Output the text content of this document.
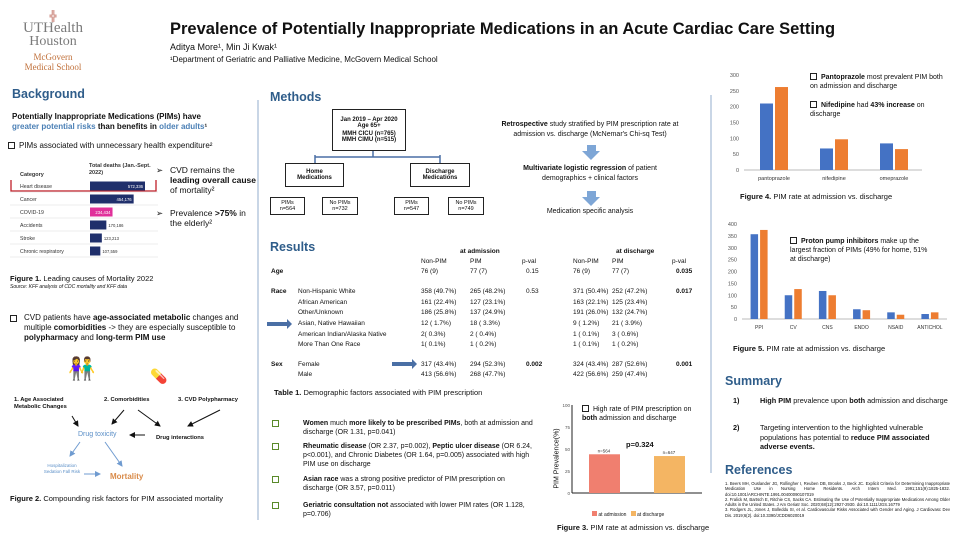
╬
UTHealth
Houston
McGovern
Medical School
Prevalence of Potentially Inappropriate Medications in an Acute Cardiac Care Setting
Aditya More¹, Min Ji Kwak¹
¹Department of Geriatric and Palliative Medicine, McGovern Medical School
Background
Potentially Inappropriate Medications (PIMs) have
greater potential risks than benefits in older adults¹
PIMs associated with unnecessary health expenditure²
Category
Total deaths (Jan.-Sept. 2022)
Heart disease	572,336
Cancer	454,176
COVID-19	234,434
Accidents	170,186
Stroke	123,213
Chronic respiratory	107,559
➢ CVD remains the leading overall cause of mortality²
➢ Prevalence >75% in the elderly²
Figure 1. Leading causes of Mortality 2022
Source: KFF analysis of CDC mortality and KFF data
CVD patients have age-associated metabolic changes and multiple comorbidities -> they are especially susceptible to polypharmacy and long-term PIM use
👫	💊
1. Age Associated Metabolic Changes
2. Comorbidities	3. CVD Polypharmacy
Drug toxicity	Drug interactions
Hospitalization Sedation Fall Risk
Mortality
Figure 2. Compounding risk factors for PIM associated mortality
Methods
Jan 2019 – Apr 2020
Age 65+
MMH CICU (n=765)
MMH CIMU (n=515)
Home Medications
Discharge Medications
PIMs
n=564
No PIMs
n=732
PIMs
n=547
No PIMs
n=749
Retrospective study stratified by PIM prescription rate at admission vs. discharge (McNemar's Chi-sq Test)
Multivariate logistic regression of patient demographics + clinical factors
Medication specific analysis
Results	at admission	at discharge
Non-PIM	PIM	p-val	Non-PIM PIM	p-val
Age	76 (9)	77 (7)	0.15	76 (9)	77 (7)	0.035
Race Non-Hispanic White	358 (49.7%) 265 (48.2%)	0.53	371 (50.4%) 252 (47.2%)	0.017
African American	161 (22.4%) 127 (23.1%)	163 (22.1%) 125 (23.4%)
Other/Unknown	186 (25.8%) 137 (24.9%)	191 (26.0%) 132 (24.7%)
Asian, Native Hawaiian	12 ( 1.7%)	18 ( 3.3%)	9 ( 1.2%) 21 ( 3.9%)
American Indian/Alaska Native	2( 0.3%)	2 ( 0.4%)	1 ( 0.1%) 3 ( 0.6%)
More Than One Race	1( 0.1%)	1 ( 0.2%)	1 ( 0.1%) 1 ( 0.2%)
Sex Female	317 (43.4%) 294 (52.3%)	0.002	324 (43.4%) 287 (52.6%)	0.001
Male	413 (56.6%) 268 (47.7%)	422 (56.6%) 259 (47.4%)
Table 1. Demographic factors associated with PIM prescription
Women much more likely to be prescribed PIMs, both at admission and discharge (OR 1.31, p=0.041)
Rheumatic disease (OR 2.37, p=0.002), Peptic ulcer disease (OR 6.24, p<0.001), and Chronic Diabetes (OR 1.64, p=0.005) associated with high PIM use on discharge
Asian race was a strong positive predictor of PIM prescription on discharge (OR 3.57, p=0.011)
Geriatric consultation not associated with lower PIM rates (OR 1.128, p=0.706)
High rate of PIM prescription on both admission and discharge
PIM Prevalence(%)
0
25
50
75
100
n=564	n=647
p=0.324
at admission at discharge
Figure 3. PIM rate at admission vs. discharge
0
50
100
150
200
250
300
pantoprazole	nifedipine	omeprazole
Pantoprazole most prevalent PIM both on admission and discharge
Nifedipine had 43% increase on discharge
Figure 4. PIM rate at admission vs. discharge
0
50
100
150
200
250
300
350
400
PPI	CV	CNS	ENDO	NSAID	ANTICHOL
Proton pump inhibitors make up the largest fraction of PIMs (49% for home, 51% at discharge)
Figure 5. PIM rate at admission vs. discharge
Summary
1)	High PIM prevalence upon both admission and discharge
2)	Targeting intervention to the highlighted vulnerable populations has potential to reduce PIM associated adverse events.
References
1. Beers MH, Ouslander JG, Rollingher I, Reuben DB, Brooks J, Beck JC. Explicit Criteria for Determining Inappropriate Medication Use in Nursing Home Residents. Arch Intern Med. 1991;151(9):1825-1832. doi:10.1001/ARCHINTE.1991.00400090107019
2. Fralick M, Bartsch E, Ritchie CS, Sacks CA. Estimating the Use of Potentially Inappropriate Medications Among Older Adults in the United States. J Am Geriatr Soc. 2020;68(12):2927-2930. doi:10.1111/JGS.16779
3. Rodgers JL, Jones J, Bolleddu SI, et al. Cardiovascular Risks Associated with Gender and Aging. J Cardiovasc Dev Dis. 2019;6(2). doi:10.3390/JCDD6020019
